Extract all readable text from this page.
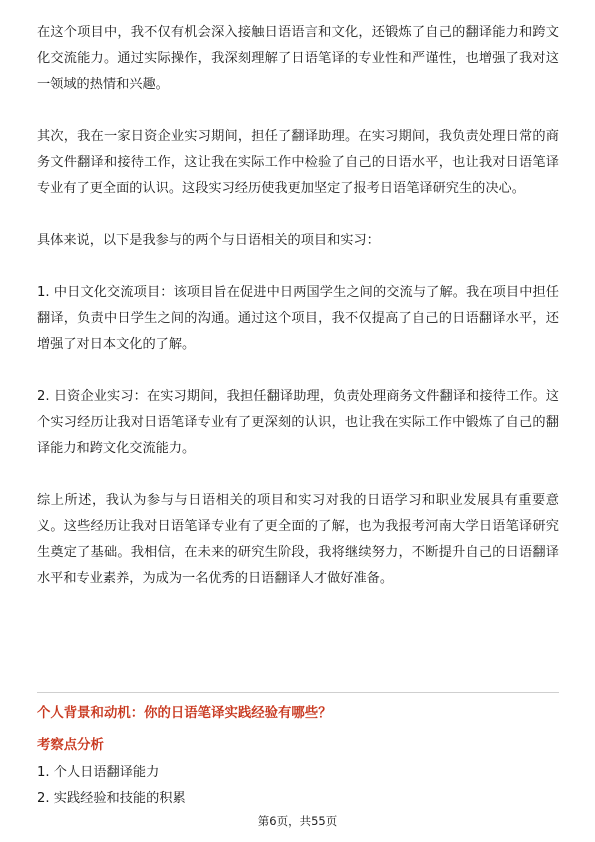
在这个项目中，我不仅有机会深入接触日语语言和文化，还锻炼了自己的翻译能力和跨文化交流能力。通过实际操作，我深刻理解了日语笔译的专业性和严谨性，也增强了我对这一领域的热情和兴趣。

其次，我在一家日资企业实习期间，担任了翻译助理。在实习期间，我负责处理日常的商务文件翻译和接待工作，这让我在实际工作中检验了自己的日语水平，也让我对日语笔译专业有了更全面的认识。这段实习经历使我更加坚定了报考日语笔译研究生的决心。

具体来说，以下是我参与的两个与日语相关的项目和实习：

1. 中日文化交流项目：该项目旨在促进中日两国学生之间的交流与了解。我在项目中担任翻译，负责中日学生之间的沟通。通过这个项目，我不仅提高了自己的日语翻译水平，还增强了对日本文化的了解。

2. 日资企业实习：在实习期间，我担任翻译助理，负责处理商务文件翻译和接待工作。这个实习经历让我对日语笔译专业有了更深刻的认识，也让我在实际工作中锻炼了自己的翻译能力和跨文化交流能力。

综上所述，我认为参与与日语相关的项目和实习对我的日语学习和职业发展具有重要意义。这些经历让我对日语笔译专业有了更全面的了解，也为我报考河南大学日语笔译研究生奠定了基础。我相信，在未来的研究生阶段，我将继续努力，不断提升自己的日语翻译水平和专业素养，为成为一名优秀的日语翻译人才做好准备。

个人背景和动机：你的日语笔译实践经验有哪些？
考察点分析
1. 个人日语翻译能力
2. 实践经验和技能的积累
第6页，共55页
